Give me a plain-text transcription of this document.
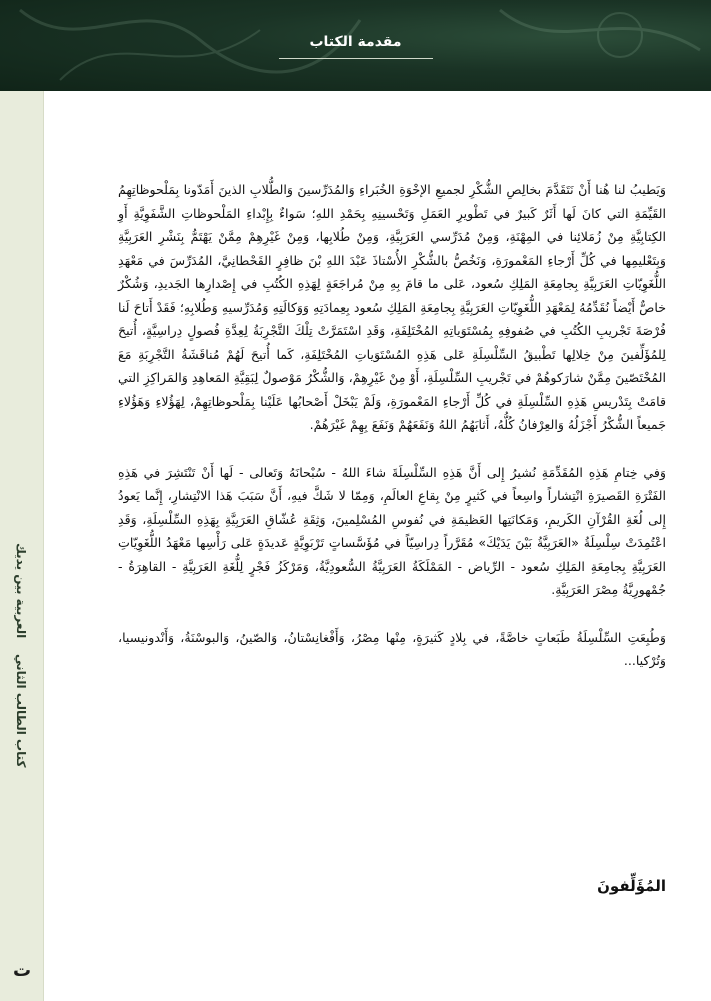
مقدمة الكتاب
العربية بين يديك
كتاب الطالب الثاني
ت

وَيَطيبُ لنا هُنا أَنْ نَتَقَدَّمَ بخالِصِ الشُّكْرِ لجميعِ الإخْوَةِ الخُبَراءِ وَالمُدَرِّسينَ وَالطُّلابِ الذينَ أَمَدّونا بِمَلْحوظاتِهِمُ القَيِّمَةِ التي كانَ لَها أَثَرٌ كَبيرٌ في تَطْويرِ العَمَلِ وَتَحْسينِهِ بِحَمْدِ اللهِ؛ سَواءٌ بِإِبْداءِ المَلْحوظاتِ الشَّفَوِيَّةِ أَوِ الكِتابِيَّةِ مِنْ زُمَلائِنا في المِهْنَةِ، وَمِنْ مُدَرِّسي العَرَبِيَّةِ، وَمِنْ طُلابِها، وَمِنْ غَيْرِهِمْ مِمَّنْ يَهْتَمُّ بِنَشْرِ العَرَبِيَّةِ وَبِتَعْليمِها في كُلِّ أَرْجاءِ المَعْمورَةِ، وَنَخُصُّ بالشُّكْرِ الأُسْتاذَ عَبْدَ اللهِ بْنَ ظافِرٍ القَحْطانِيَّ، المُدَرِّسَ في مَعْهَدِ اللُّغَوِيّاتِ العَرَبِيَّةِ بِجامِعَةِ المَلِكِ سُعود، عَلى ما قامَ بِهِ مِنْ مُراجَعَةٍ لِهَذِهِ الكُتُبِ في إِصْدارِها الجَديدِ، وَشُكْرٌ خاصٌّ أَيْضاً نُقَدِّمُهُ لِمَعْهَدِ اللُّغَوِيّاتِ العَرَبِيَّةِ بِجامِعَةِ المَلِكِ سُعود بِعِمادَتِهِ وَوَكالَتِهِ وَمُدَرِّسيهِ وَطُلابِهِ؛ فَقَدْ أَتاحَ لَنا فُرْصَةَ تَجْريبِ الكُتُبِ في صُفوفِهِ بِمُسْتَوَياتِهِ المُخْتَلِفَةِ، وَقَدِ اسْتَمَرَّتْ تِلْكَ التَّجْرِبَةُ لِعِدَّةِ فُصولٍ دِراسِيَّةٍ، أُتيحَ لِلمُؤَلِّفينَ مِنْ خِلالِها تَطْبيقُ السِّلْسِلَةِ عَلى هَذِهِ المُسْتَوَياتِ المُخْتَلِفَةِ، كَما أُتيحَ لَهُمْ مُناقَشَةُ التَّجْرِبَةِ مَعَ المُخْتَصّينَ مِمَّنْ شارَكوهُمْ في تَجْريبِ السِّلْسِلَةِ، أَوْ مِنْ غَيْرِهِمْ، وَالشُّكْرُ مَوْصولٌ لِبَقِيَّةِ المَعاهِدِ وَالمَراكِزِ التي قامَتْ بِتَدْريسِ هَذِهِ السِّلْسِلَةِ في كُلِّ أَرْجاءِ المَعْمورَةِ، وَلَمْ يَبْخَلْ أَصْحابُها عَلَيْنا بِمَلْحوظاتِهِمْ، لِهَؤُلاءِ وَهَؤُلاءِ جَميعاً الشُّكْرُ أَجْزَلُهُ وَالعِرْفانُ كُلُّهُ، أَثابَهُمُ اللهُ وَنَفَعَهُمْ وَنَفَعَ بِهِمْ غَيْرَهُمْ.

وَفي خِتامِ هَذِهِ المُقَدِّمَةِ نُشيرُ إِلى أَنَّ هَذِهِ السِّلْسِلَةَ شاءَ اللهُ - سُبْحانَهُ وَتَعالى - لَها أَنْ تَنْتَشِرَ في هَذِهِ الفَتْرَةِ القَصيرَةِ انْتِشاراً واسِعاً في كَثيرٍ مِنْ بِقاعِ العالَمِ، وَمِمّا لا شَكَّ فيهِ، أَنَّ سَبَبَ هَذا الانْتِشارِ، إِنَّما يَعودُ إِلى لُغَةِ القُرْآنِ الكَريمِ، وَمَكانَتِها العَظيمَةِ في نُفوسِ المُسْلِمينَ، وَثِقَةِ عُشّاقِ العَرَبِيَّةِ بِهَذِهِ السِّلْسِلَةِ، وَقَدِ اعْتُمِدَتْ سِلْسِلَةُ «العَرَبِيَّةُ بَيْنَ يَدَيْكَ» مُقَرَّراً دِراسِيّاً في مُؤَسَّساتٍ تَرْبَوِيَّةٍ عَديدَةٍ عَلى رَأْسِها مَعْهَدُ اللُّغَوِيّاتِ العَرَبِيَّةِ بِجامِعَةِ المَلِكِ سُعود - الرِّياض - المَمْلَكَةُ العَرَبِيَّةُ السُّعودِيَّةُ، وَمَرْكَزُ فَجْرٍ لِلُّغَةِ العَرَبِيَّةِ - القاهِرَةُ - جُمْهورِيَّةُ مِصْرَ العَرَبِيَّةِ.

وَطُبِعَتِ السِّلْسِلَةُ طَبَعاتٍ خاصَّةً، في بِلادٍ كَثيرَةٍ، مِنْها مِصْرُ، وَأَفْغانِسْتانُ، وَالصّينُ، وَالبوسْنَةُ، وَأَنْدونيسيا، وَتُرْكيا...

المُؤَلِّفونَ
